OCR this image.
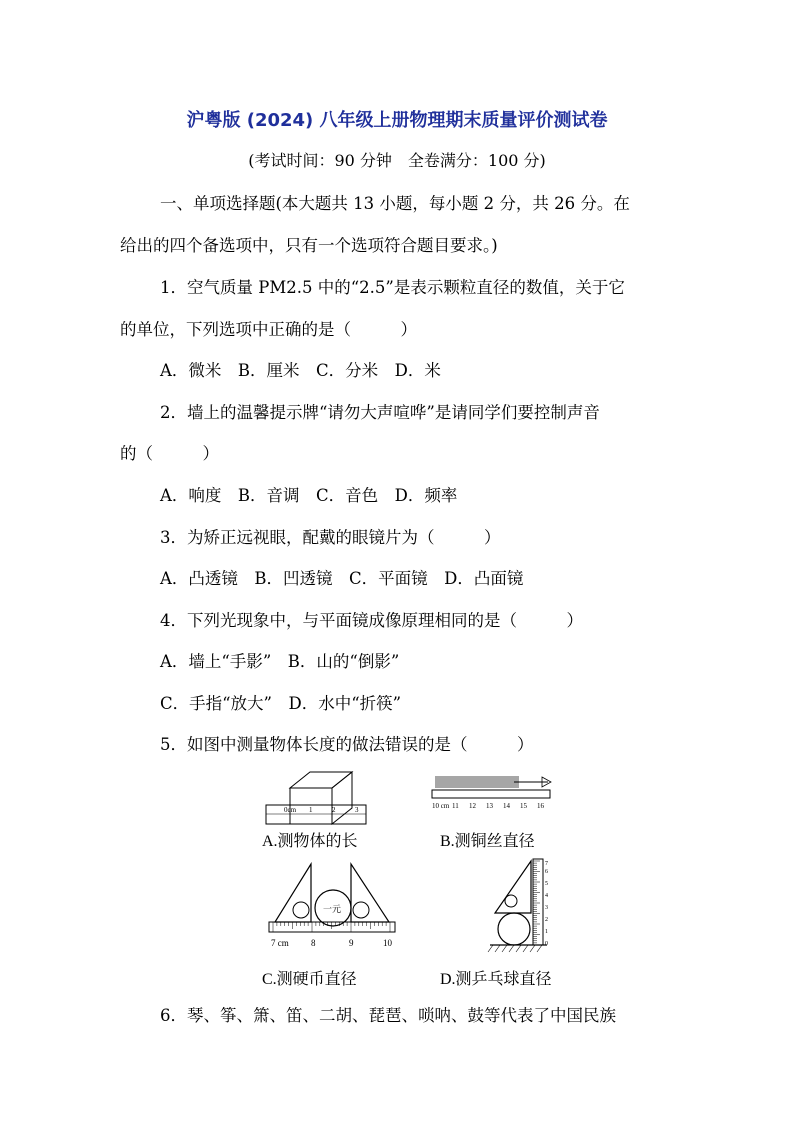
沪粤版 (2024) 八年级上册物理期末质量评价测试卷
(考试时间：90 分钟　全卷满分：100 分)
一、单项选择题(本大题共 13 小题，每小题 2 分，共 26 分。在
给出的四个备选项中，只有一个选项符合题目要求。)
1．空气质量 PM2.5 中的“2.5”是表示颗粒直径的数值，关于它
的单位，下列选项中正确的是（　　　）
A．微米　B．厘米　C．分米　D．米
2．墙上的温馨提示牌“请勿大声喧哗”是请同学们要控制声音
的（　　　）
A．响度　B．音调　C．音色　D．频率
3．为矫正远视眼，配戴的眼镜片为（　　　）
A．凸透镜　B．凹透镜　C．平面镜　D．凸面镜
4．下列光现象中，与平面镜成像原理相同的是（　　　）
A．墙上“手影”　B．山的“倒影”
C．手指“放大”　D．水中“折筷”
5．如图中测量物体长度的做法错误的是（　　　）
0cm 1	2	3
A.测物体的长
10 cm 11 12 13 14 15 16
B.测铜丝直径
一元
7 cm 8	9	10
C.测硬币直径
0
1
2
3
4
5
6
7
D.测乒乓球直径
6．琴、筝、箫、笛、二胡、琵琶、唢呐、鼓等代表了中国民族
